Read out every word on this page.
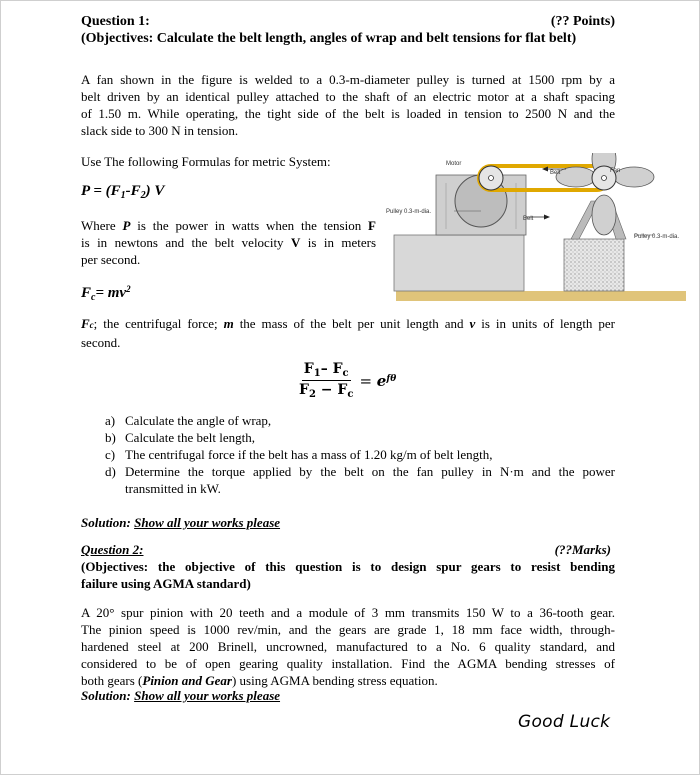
Question 1:	(?? Points)
(Objectives: Calculate the belt length, angles of wrap and belt tensions for flat belt)
A fan shown in the figure is welded to a 0.3-m-diameter pulley is turned at 1500 rpm by a
belt driven by an identical pulley attached to the shaft of an electric motor at a shaft spacing
of 1.50 m. While operating, the tight side of the belt is loaded in tension to 2500 N and the
slack side to 300 N in tension.
Use The following Formulas for metric System:
$P = (F_1-F_2)$ V
Where P is the power in watts when the tension F
is in newtons and the belt velocity V is in meters
per second.
$F_c= mv^2$
Fc; the centrifugal force; m the mass of the belt per unit length and v is in units of length per
second.
$\frac{F_1- F_c}{F_2 - F_c} = e^{f\theta}$
a) Calculate the angle of wrap,
b) Calculate the belt length,
c) The centrifugal force if the belt has a mass of 1.20 kg/m of belt length,
d) Determine the torque applied by the belt on the fan pulley in N·m and the power
transmitted in kW.
Solution: Show all your works please
Question 2:	(??Marks)
(Objectives: the objective of this question is to design spur gears to resist bending
failure using AGMA standard)
A 20° spur pinion with 20 teeth and a module of 3 mm transmits 150 W to a 36-tooth gear.
The pinion speed is 1000 rev/min, and the gears are grade 1, 18 mm face width, through-
hardened steel at 200 Brinell, uncrowned, manufactured to a No. 6 quality standard, and
considered to be of open gearing quality installation. Find the AGMA bending stresses of
both gears (Pinion and Gear) using AGMA bending stress equation.
Solution: Show all your works please
Good Luck
Motor
Belt	Fan
Pulley 0.3-m-dia.
Belt
Pulley 0.3-m-dia.
